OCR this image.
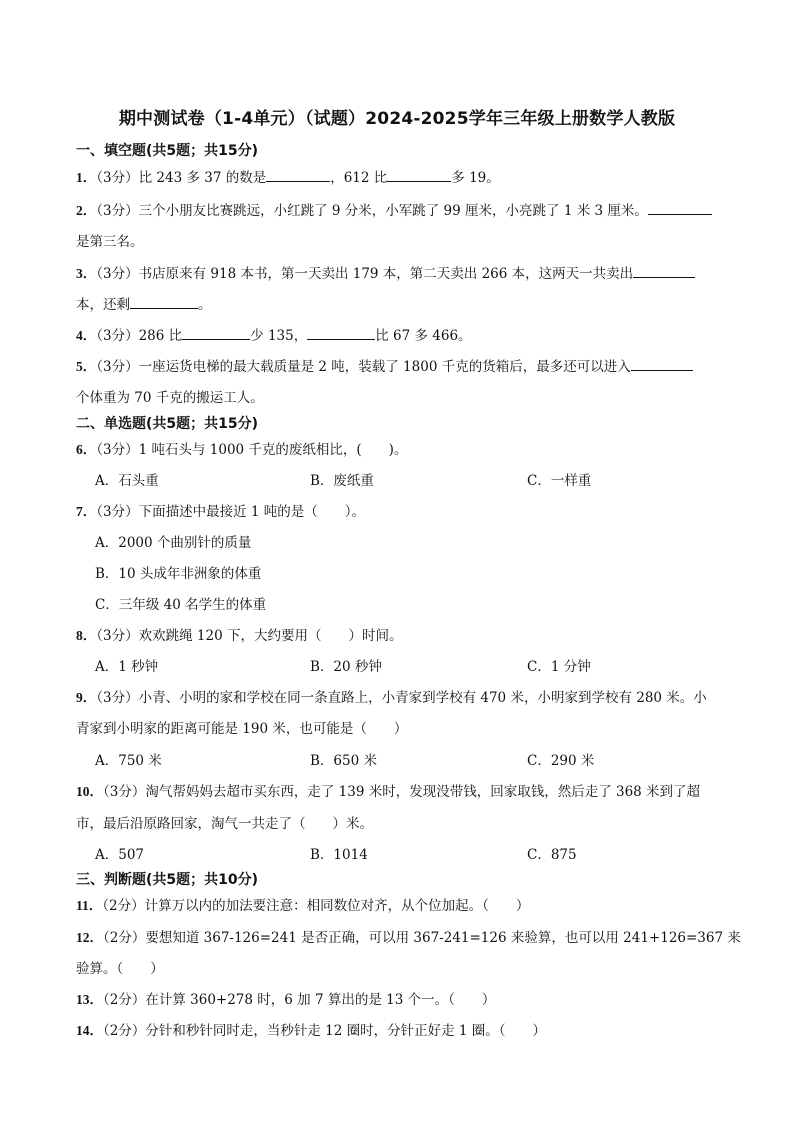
期中测试卷（1-4单元）（试题）2024-2025学年三年级上册数学人教版
一、填空题(共5题；共15分)
1．（3分）比 243 多 37 的数是	，612 比	多 19。
2．（3分）三个小朋友比赛跳远，小红跳了 9 分米，小军跳了 99 厘米，小亮跳了 1 米 3 厘米。
是第三名。
3．（3分）书店原来有 918 本书，第一天卖出 179 本，第二天卖出 266 本，这两天一共卖出
本，还剩	。
4．（3分）286 比	少 135，	比 67 多 466。
5．（3分）一座运货电梯的最大载质量是 2 吨，装载了 1800 千克的货箱后，最多还可以进入
个体重为 70 千克的搬运工人。
二、单选题(共5题；共15分)
6．（3分）1 吨石头与 1000 千克的废纸相比，(　　)。
A．石头重	B．废纸重	C．一样重
7．（3分）下面描述中最接近 1 吨的是（　　）。
A．2000 个曲别针的质量
B．10 头成年非洲象的体重
C．三年级 40 名学生的体重
8．（3分）欢欢跳绳 120 下，大约要用（　　）时间。
A．1 秒钟	B．20 秒钟	C．1 分钟
9．（3分）小青、小明的家和学校在同一条直路上，小青家到学校有 470 米，小明家到学校有 280 米。小
青家到小明家的距离可能是 190 米，也可能是（　　）
A．750 米	B．650 米	C．290 米
10．（3分）淘气帮妈妈去超市买东西，走了 139 米时，发现没带钱，回家取钱，然后走了 368 米到了超
市，最后沿原路回家，淘气一共走了（　　）米。
A．507	B．1014	C．875
三、判断题(共5题；共10分)
11．（2分）计算万以内的加法要注意：相同数位对齐，从个位加起。（　　）
12．（2分）要想知道 367-126=241 是否正确，可以用 367-241=126 来验算，也可以用 241+126=367 来
验算。（　　）
13．（2分）在计算 360+278 时，6 加 7 算出的是 13 个一。（　　）
14．（2分）分针和秒针同时走，当秒针走 12 圈时，分针正好走 1 圈。（　　）
